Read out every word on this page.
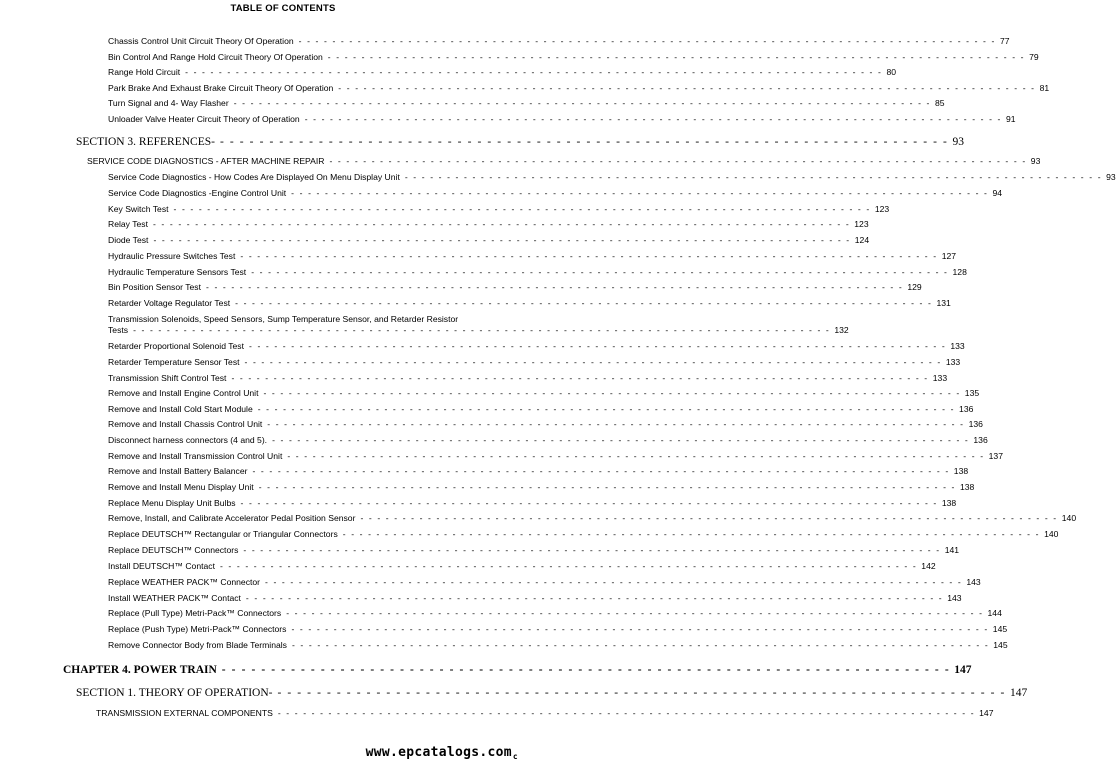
TABLE OF CONTENTS
Chassis Control Unit Circuit Theory Of Operation - - - - - - - - - - - - - - - - - - - - - - - - - - - - - - - - - - - - - - - - - - - - - - - - - - - - - - - - - - - - - - - - - - - - - - - - - - - - - - - - - - - 77
Bin Control And Range Hold Circuit Theory Of Operation - - - - - - - - - - - - - - - - - - - - - - - - - - - - - - - - - - - - - - - - - - - - - - - - - - - - - - - - - - - - - - - - - - - - - - - - - - - - - - - - - - - 79
Range Hold Circuit - - - - - - - - - - - - - - - - - - - - - - - - - - - - - - - - - - - - - - - - - - - - - - - - - - - - - - - - - - - - - - - - - - - - - - - - - - - - - - - - - - - 80
Park Brake And Exhaust Brake Circuit Theory Of Operation - - - - - - - - - - - - - - - - - - - - - - - - - - - - - - - - - - - - - - - - - - - - - - - - - - - - - - - - - - - - - - - - - - - - - - - - - - - - - - - - - - - 81
Turn Signal and 4- Way Flasher - - - - - - - - - - - - - - - - - - - - - - - - - - - - - - - - - - - - - - - - - - - - - - - - - - - - - - - - - - - - - - - - - - - - - - - - - - - - - - - - - - - 85
Unloader Valve Heater Circuit Theory of Operation - - - - - - - - - - - - - - - - - - - - - - - - - - - - - - - - - - - - - - - - - - - - - - - - - - - - - - - - - - - - - - - - - - - - - - - - - - - - - - - - - - - 91
SECTION 3. REFERENCES- - - - - - - - - - - - - - - - - - - - - - - - - - - - - - - - - - - - - - - - - - - - - - - - - - - - - - - - - - - - - - - - - - - - - - - - - - - 93
SERVICE CODE DIAGNOSTICS - AFTER MACHINE REPAIR - - - - - - - - - - - - - - - - - - - - - - - - - - - - - - - - - - - - - - - - - - - - - - - - - - - - - - - - - - - - - - - - - - - - - - - - - - - - - - - - - - - 93
Service Code Diagnostics - How Codes Are Displayed On Menu Display Unit - - - - - - - - - - - - - - - - - - - - - - - - - - - - - - - - - - - - - - - - - - - - - - - - - - - - - - - - - - - - - - - - - - - - - - - - - - - - - - - - - - - 93
Service Code Diagnostics -Engine Control Unit - - - - - - - - - - - - - - - - - - - - - - - - - - - - - - - - - - - - - - - - - - - - - - - - - - - - - - - - - - - - - - - - - - - - - - - - - - - - - - - - - - - 94
Key Switch Test - - - - - - - - - - - - - - - - - - - - - - - - - - - - - - - - - - - - - - - - - - - - - - - - - - - - - - - - - - - - - - - - - - - - - - - - - - - - - - - - - - - 123
Relay Test - - - - - - - - - - - - - - - - - - - - - - - - - - - - - - - - - - - - - - - - - - - - - - - - - - - - - - - - - - - - - - - - - - - - - - - - - - - - - - - - - - - 123
Diode Test - - - - - - - - - - - - - - - - - - - - - - - - - - - - - - - - - - - - - - - - - - - - - - - - - - - - - - - - - - - - - - - - - - - - - - - - - - - - - - - - - - - 124
Hydraulic Pressure Switches Test - - - - - - - - - - - - - - - - - - - - - - - - - - - - - - - - - - - - - - - - - - - - - - - - - - - - - - - - - - - - - - - - - - - - - - - - - - - - - - - - - - - 127
Hydraulic Temperature Sensors Test - - - - - - - - - - - - - - - - - - - - - - - - - - - - - - - - - - - - - - - - - - - - - - - - - - - - - - - - - - - - - - - - - - - - - - - - - - - - - - - - - - - 128
Bin Position Sensor Test - - - - - - - - - - - - - - - - - - - - - - - - - - - - - - - - - - - - - - - - - - - - - - - - - - - - - - - - - - - - - - - - - - - - - - - - - - - - - - - - - - - 129
Retarder Voltage Regulator Test - - - - - - - - - - - - - - - - - - - - - - - - - - - - - - - - - - - - - - - - - - - - - - - - - - - - - - - - - - - - - - - - - - - - - - - - - - - - - - - - - - - 131
Transmission Solenoids, Speed Sensors, Sump Temperature Sensor, and Retarder Resistor
Tests - - - - - - - - - - - - - - - - - - - - - - - - - - - - - - - - - - - - - - - - - - - - - - - - - - - - - - - - - - - - - - - - - - - - - - - - - - - - - - - - - - - 132
Retarder Proportional Solenoid Test - - - - - - - - - - - - - - - - - - - - - - - - - - - - - - - - - - - - - - - - - - - - - - - - - - - - - - - - - - - - - - - - - - - - - - - - - - - - - - - - - - - 133
Retarder Temperature Sensor Test - - - - - - - - - - - - - - - - - - - - - - - - - - - - - - - - - - - - - - - - - - - - - - - - - - - - - - - - - - - - - - - - - - - - - - - - - - - - - - - - - - - 133
Transmission Shift Control Test - - - - - - - - - - - - - - - - - - - - - - - - - - - - - - - - - - - - - - - - - - - - - - - - - - - - - - - - - - - - - - - - - - - - - - - - - - - - - - - - - - - 133
Remove and Install Engine Control Unit - - - - - - - - - - - - - - - - - - - - - - - - - - - - - - - - - - - - - - - - - - - - - - - - - - - - - - - - - - - - - - - - - - - - - - - - - - - - - - - - - - - 135
Remove and Install Cold Start Module - - - - - - - - - - - - - - - - - - - - - - - - - - - - - - - - - - - - - - - - - - - - - - - - - - - - - - - - - - - - - - - - - - - - - - - - - - - - - - - - - - - 136
Remove and Install Chassis Control Unit - - - - - - - - - - - - - - - - - - - - - - - - - - - - - - - - - - - - - - - - - - - - - - - - - - - - - - - - - - - - - - - - - - - - - - - - - - - - - - - - - - - 136
Disconnect harness connectors (4 and 5). - - - - - - - - - - - - - - - - - - - - - - - - - - - - - - - - - - - - - - - - - - - - - - - - - - - - - - - - - - - - - - - - - - - - - - - - - - - - - - - - - - - 136
Remove and Install Transmission Control Unit - - - - - - - - - - - - - - - - - - - - - - - - - - - - - - - - - - - - - - - - - - - - - - - - - - - - - - - - - - - - - - - - - - - - - - - - - - - - - - - - - - - 137
Remove and Install Battery Balancer - - - - - - - - - - - - - - - - - - - - - - - - - - - - - - - - - - - - - - - - - - - - - - - - - - - - - - - - - - - - - - - - - - - - - - - - - - - - - - - - - - - 138
Remove and Install Menu Display Unit - - - - - - - - - - - - - - - - - - - - - - - - - - - - - - - - - - - - - - - - - - - - - - - - - - - - - - - - - - - - - - - - - - - - - - - - - - - - - - - - - - - 138
Replace Menu Display Unit Bulbs - - - - - - - - - - - - - - - - - - - - - - - - - - - - - - - - - - - - - - - - - - - - - - - - - - - - - - - - - - - - - - - - - - - - - - - - - - - - - - - - - - - 138
Remove, Install, and Calibrate Accelerator Pedal Position Sensor - - - - - - - - - - - - - - - - - - - - - - - - - - - - - - - - - - - - - - - - - - - - - - - - - - - - - - - - - - - - - - - - - - - - - - - - - - - - - - - - - - - 140
Replace DEUTSCH™ Rectangular or Triangular Connectors - - - - - - - - - - - - - - - - - - - - - - - - - - - - - - - - - - - - - - - - - - - - - - - - - - - - - - - - - - - - - - - - - - - - - - - - - - - - - - - - - - - 140
Replace DEUTSCH™ Connectors - - - - - - - - - - - - - - - - - - - - - - - - - - - - - - - - - - - - - - - - - - - - - - - - - - - - - - - - - - - - - - - - - - - - - - - - - - - - - - - - - - - 141
Install DEUTSCH™ Contact - - - - - - - - - - - - - - - - - - - - - - - - - - - - - - - - - - - - - - - - - - - - - - - - - - - - - - - - - - - - - - - - - - - - - - - - - - - - - - - - - - - 142
Replace WEATHER PACK™ Connector - - - - - - - - - - - - - - - - - - - - - - - - - - - - - - - - - - - - - - - - - - - - - - - - - - - - - - - - - - - - - - - - - - - - - - - - - - - - - - - - - - - 143
Install WEATHER PACK™ Contact - - - - - - - - - - - - - - - - - - - - - - - - - - - - - - - - - - - - - - - - - - - - - - - - - - - - - - - - - - - - - - - - - - - - - - - - - - - - - - - - - - - 143
Replace (Pull Type) Metri-Pack™ Connectors - - - - - - - - - - - - - - - - - - - - - - - - - - - - - - - - - - - - - - - - - - - - - - - - - - - - - - - - - - - - - - - - - - - - - - - - - - - - - - - - - - - 144
Replace (Push Type) Metri-Pack™ Connectors - - - - - - - - - - - - - - - - - - - - - - - - - - - - - - - - - - - - - - - - - - - - - - - - - - - - - - - - - - - - - - - - - - - - - - - - - - - - - - - - - - - 145
Remove Connector Body from Blade Terminals - - - - - - - - - - - - - - - - - - - - - - - - - - - - - - - - - - - - - - - - - - - - - - - - - - - - - - - - - - - - - - - - - - - - - - - - - - - - - - - - - - - 145
CHAPTER 4. POWER TRAIN - - - - - - - - - - - - - - - - - - - - - - - - - - - - - - - - - - - - - - - - - - - - - - - - - - - - - - - - - - - - - - - - - - - - - - - - - - 147
SECTION 1. THEORY OF OPERATION- - - - - - - - - - - - - - - - - - - - - - - - - - - - - - - - - - - - - - - - - - - - - - - - - - - - - - - - - - - - - - - - - - - - - - - - - - - 147
TRANSMISSION EXTERNAL COMPONENTS - - - - - - - - - - - - - - - - - - - - - - - - - - - - - - - - - - - - - - - - - - - - - - - - - - - - - - - - - - - - - - - - - - - - - - - - - - - - - - - - - - - 147
www.epcatalogs.com$_c$
